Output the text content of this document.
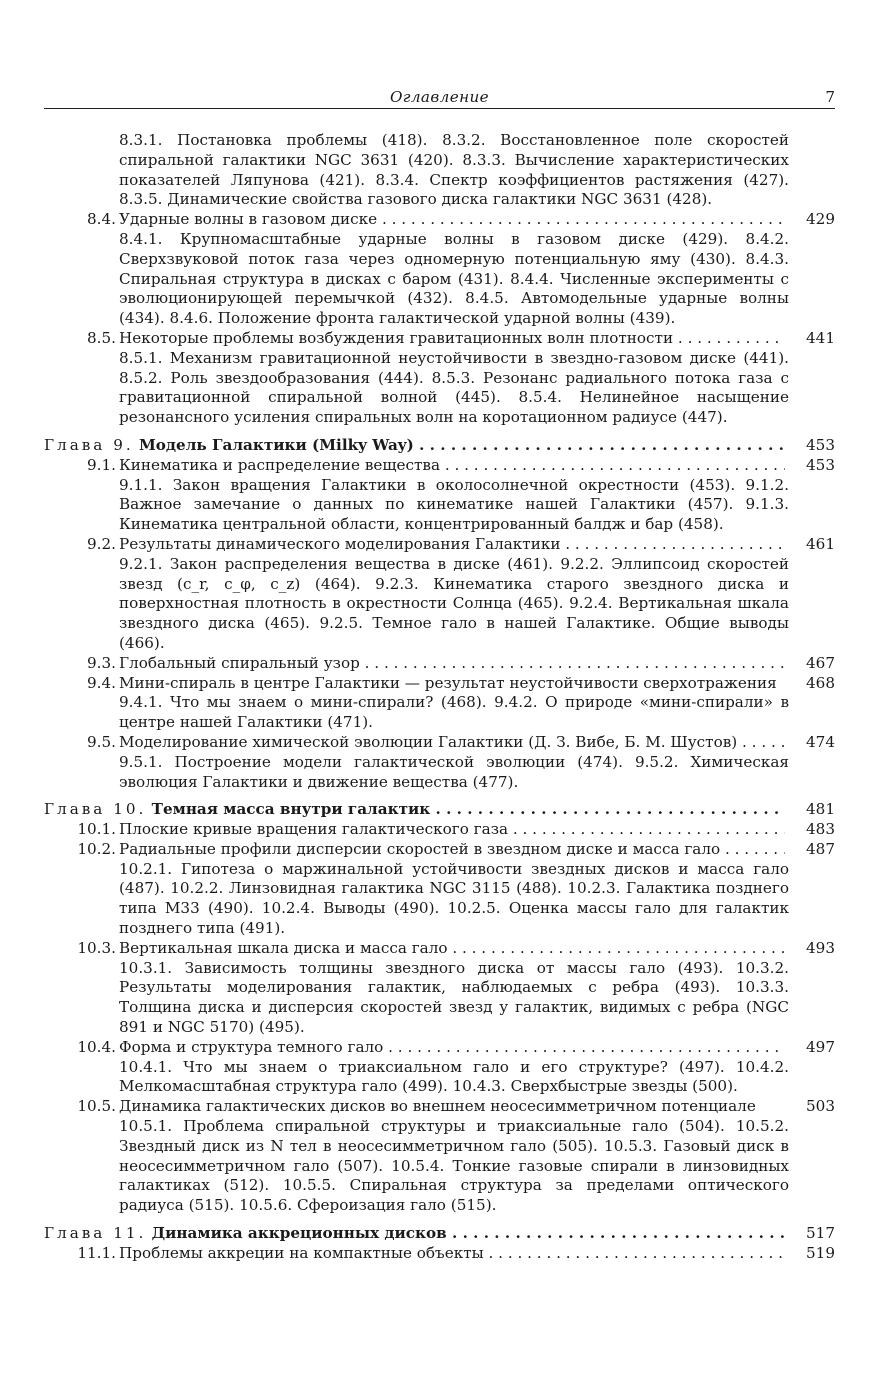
Оглавление	7
8.3.1. Постановка проблемы (418). 8.3.2. Восстановленное поле скоростей спиральной галактики NGC 3631 (420). 8.3.3. Вычисление характеристических показателей Ляпунова (421). 8.3.4. Спектр коэффициентов растяжения (427). 8.3.5. Динамические свойства газового диска галактики NGC 3631 (428).
8.4. Ударные волны в газовом диске . . .	429
8.4.1. Крупномасштабные ударные волны в газовом диске (429). 8.4.2. Сверхзвуковой поток газа через одномерную потенциальную яму (430). 8.4.3. Спиральная структура в дисках с баром (431). 8.4.4. Численные эксперименты с эволюционирующей перемычкой (432). 8.4.5. Автомодельные ударные волны (434). 8.4.6. Положение фронта галактической ударной волны (439).
8.5. Некоторые проблемы возбуждения гравитационных волн плотности . . .	441
8.5.1. Механизм гравитационной неустойчивости в звездно-газовом диске (441). 8.5.2. Роль звездообразования (444). 8.5.3. Резонанс радиального потока газа с гравитационной спиральной волной (445). 8.5.4. Нелинейное насыщение резонансного усиления спиральных волн на коротационном радиусе (447).
Глава 9. Модель Галактики (Milky Way) . . .	453
9.1. Кинематика и распределение вещества . . .	453
9.1.1. Закон вращения Галактики в околосолнечной окрестности (453). 9.1.2. Важное замечание о данных по кинематике нашей Галактики (457). 9.1.3. Кинематика центральной области, концентрированный балдж и бар (458).
9.2. Результаты динамического моделирования Галактики . . .	461
9.2.1. Закон распределения вещества в диске (461). 9.2.2. Эллипсоид скоростей звезд (c_r, c_φ, c_z) (464). 9.2.3. Кинематика старого звездного диска и поверхностная плотность в окрестности Солнца (465). 9.2.4. Вертикальная шкала звездного диска (465). 9.2.5. Темное гало в нашей Галактике. Общие выводы (466).
9.3. Глобальный спиральный узор . . .	467
9.4. Мини-спираль в центре Галактики — результат неустойчивости сверхотражения	468
9.4.1. Что мы знаем о мини-спирали? (468). 9.4.2. О природе «мини-спирали» в центре нашей Галактики (471).
9.5. Моделирование химической эволюции Галактики (Д. З. Вибе, Б. М. Шустов) . . .	474
9.5.1. Построение модели галактической эволюции (474). 9.5.2. Химическая эволюция Галактики и движение вещества (477).
Глава 10. Темная масса внутри галактик . . .	481
10.1. Плоские кривые вращения галактического газа . . .	483
10.2. Радиальные профили дисперсии скоростей в звездном диске и масса гало . . .	487
10.2.1. Гипотеза о маржинальной устойчивости звездных дисков и масса гало (487). 10.2.2. Линзовидная галактика NGC 3115 (488). 10.2.3. Галактика позднего типа M33 (490). 10.2.4. Выводы (490). 10.2.5. Оценка массы гало для галактик позднего типа (491).
10.3. Вертикальная шкала диска и масса гало . . .	493
10.3.1. Зависимость толщины звездного диска от массы гало (493). 10.3.2. Результаты моделирования галактик, наблюдаемых с ребра (493). 10.3.3. Толщина диска и дисперсия скоростей звезд у галактик, видимых с ребра (NGC 891 и NGC 5170) (495).
10.4. Форма и структура темного гало . . .	497
10.4.1. Что мы знаем о триаксиальном гало и его структуре? (497). 10.4.2. Мелкомасштабная структура гало (499). 10.4.3. Сверхбыстрые звезды (500).
10.5. Динамика галактических дисков во внешнем неосесимметричном потенциале	503
10.5.1. Проблема спиральной структуры и триаксиальные гало (504). 10.5.2. Звездный диск из N тел в неосесимметричном гало (505). 10.5.3. Газовый диск в неосесимметричном гало (507). 10.5.4. Тонкие газовые спирали в линзовидных галактиках (512). 10.5.5. Спиральная структура за пределами оптического радиуса (515). 10.5.6. Сфероизация гало (515).
Глава 11. Динамика аккреционных дисков . . .	517
11.1. Проблемы аккреции на компактные объекты . . .	519
